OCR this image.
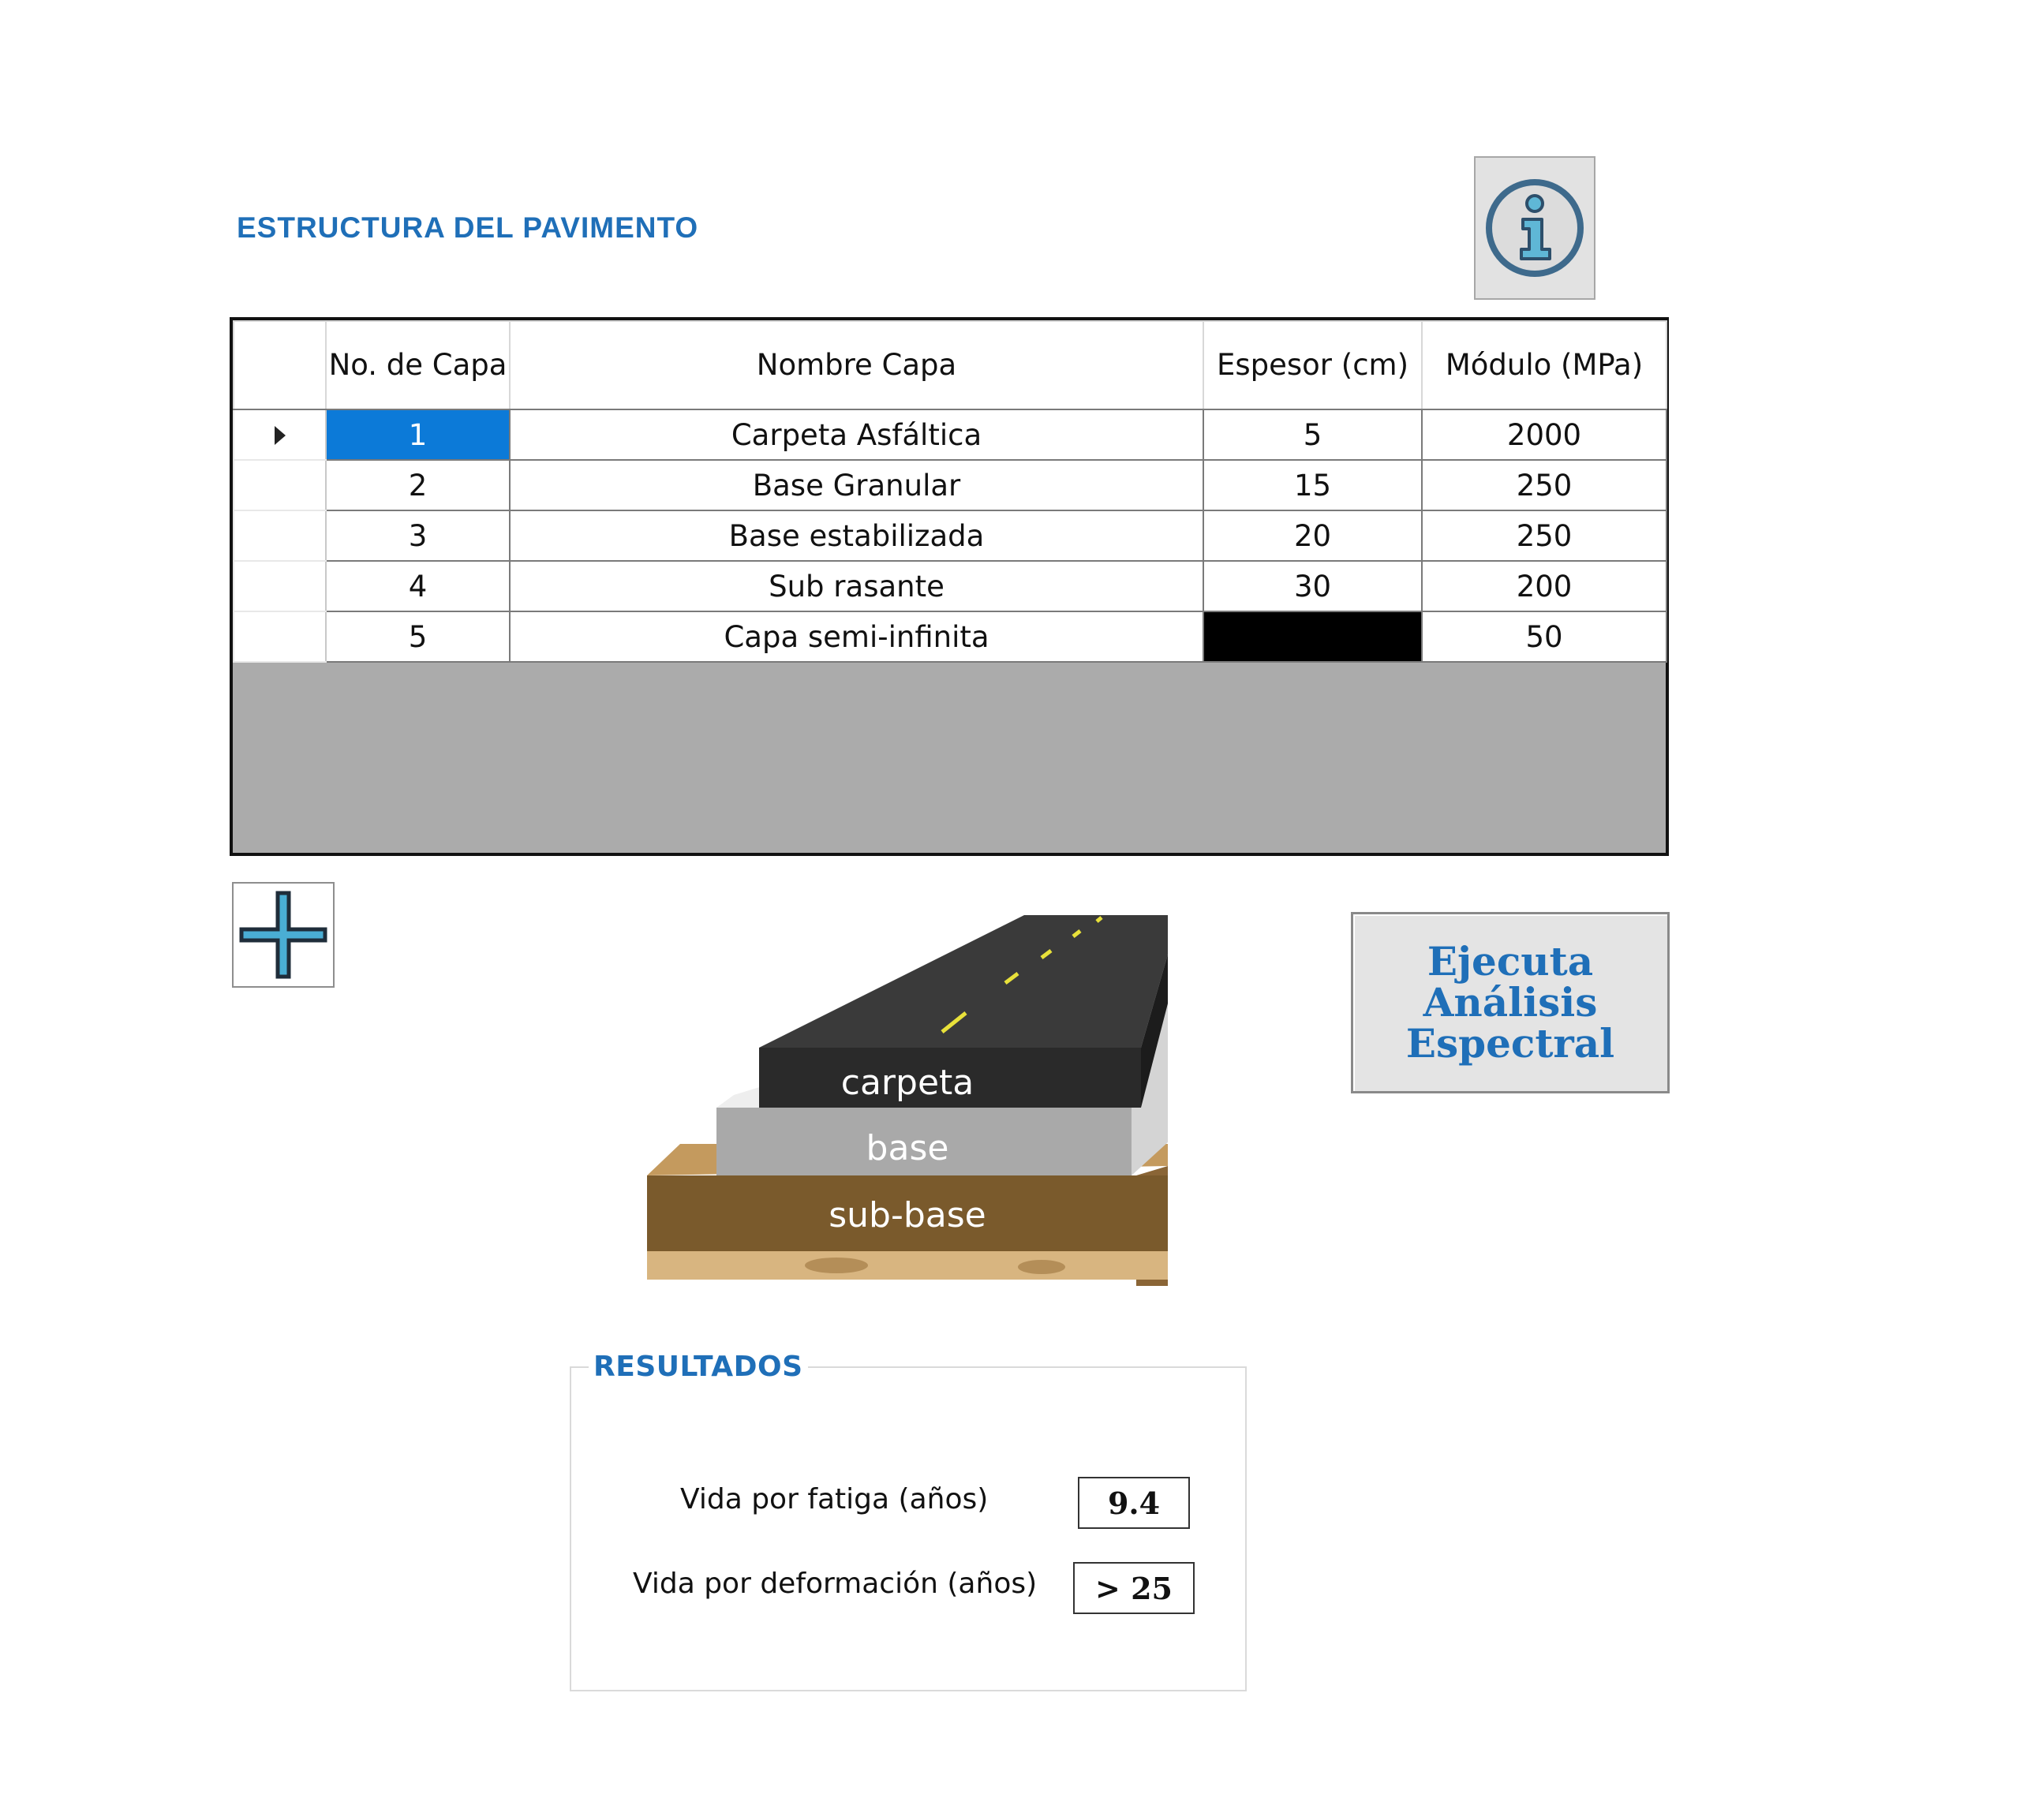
ESTRUCTURA DEL PAVIMENTO
	No. de Capa	Nombre Capa	Espesor (cm)	Módulo (MPa)
	1	Carpeta Asfáltica	5	2000
	2	Base Granular	15	250
	3	Base estabilizada	20	250
	4	Sub rasante	30	200
	5	Capa semi-infinita		50
carpeta
base
sub-base
Ejecuta
Análisis
Espectral
RESULTADOS
Vida por fatiga (años)	9.4
Vida por deformación (años)	> 25
